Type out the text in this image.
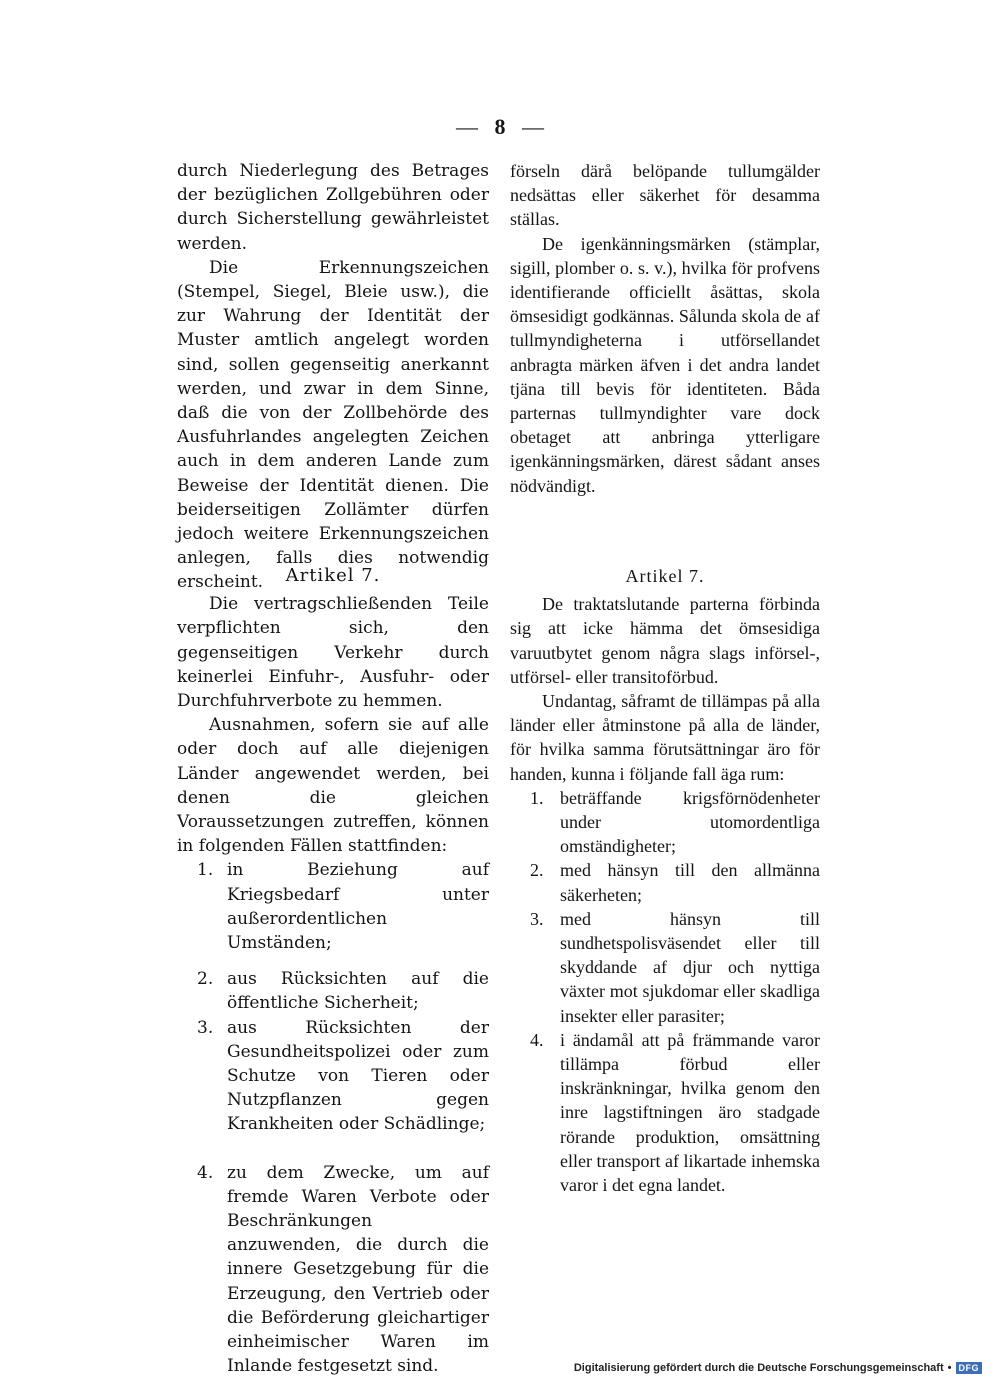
— 8 —

durch Niederlegung des Betrages der bezüglichen Zollgebühren oder durch Sicherstellung gewährleistet werden.

Die Erkennungszeichen (Stempel, Siegel, Bleie usw.), die zur Wahrung der Identität der Muster amtlich angelegt worden sind, sollen gegenseitig anerkannt werden, und zwar in dem Sinne, daß die von der Zollbehörde des Ausfuhrlandes angelegten Zeichen auch in dem anderen Lande zum Beweise der Identität dienen. Die beiderseitigen Zollämter dürfen jedoch weitere Erkennungszeichen anlegen, falls dies notwendig erscheint.

förseln därå belöpande tullumgälder nedsättas eller säkerhet för desamma ställas.

De igenkänningsmärken (stämplar, sigill, plomber o. s. v.), hvilka för profvens identifierande officiellt åsättas, skola ömsesidigt godkännas. Sålunda skola de af tullmyndigheterna i utförsellandet anbragta märken äfven i det andra landet tjäna till bevis för identiteten. Båda parternas tullmyndighter vare dock obetaget att anbringa ytterligare igenkänningsmärken, därest sådant anses nödvändigt.

Artikel 7.

Die vertragschließenden Teile verpflichten sich, den gegenseitigen Verkehr durch keinerlei Einfuhr-, Ausfuhr- oder Durchfuhrverbote zu hemmen.

Ausnahmen, sofern sie auf alle oder doch auf alle diejenigen Länder angewendet werden, bei denen die gleichen Voraussetzungen zutreffen, können in folgenden Fällen stattfinden:

1. in Beziehung auf Kriegsbedarf unter außerordentlichen Umständen;
2. aus Rücksichten auf die öffentliche Sicherheit;
3. aus Rücksichten der Gesundheitspolizei oder zum Schutze von Tieren oder Nutzpflanzen gegen Krankheiten oder Schädlinge;
4. zu dem Zwecke, um auf fremde Waren Verbote oder Beschränkungen anzuwenden, die durch die innere Gesetzgebung für die Erzeugung, den Vertrieb oder die Beförderung gleichartiger einheimischer Waren im Inlande festgesetzt sind.
Artikel 7.

De traktatslutande parterna förbinda sig att icke hämma det ömsesidiga varuutbytet genom några slags införsel-, utförsel- eller transitoförbud.

Undantag, såframt de tillämpas på alla länder eller åtminstone på alla de länder, för hvilka samma förutsättningar äro för handen, kunna i följande fall äga rum:

1. beträffande krigsförnödenheter under utomordentliga omständigheter;
2. med hänsyn till den allmänna säkerheten;
3. med hänsyn till sundhetspolisväsendet eller till skyddande af djur och nyttiga växter mot sjukdomar eller skadliga insekter eller parasiter;
4. i ändamål att på främmande varor tillämpa förbud eller inskränkningar, hvilka genom den inre lagstiftningen äro stadgade rörande produktion, omsättning eller transport af likartade inhemska varor i det egna landet.
Digitalisierung gefördert durch die Deutsche Forschungsgemeinschaft • DFG
